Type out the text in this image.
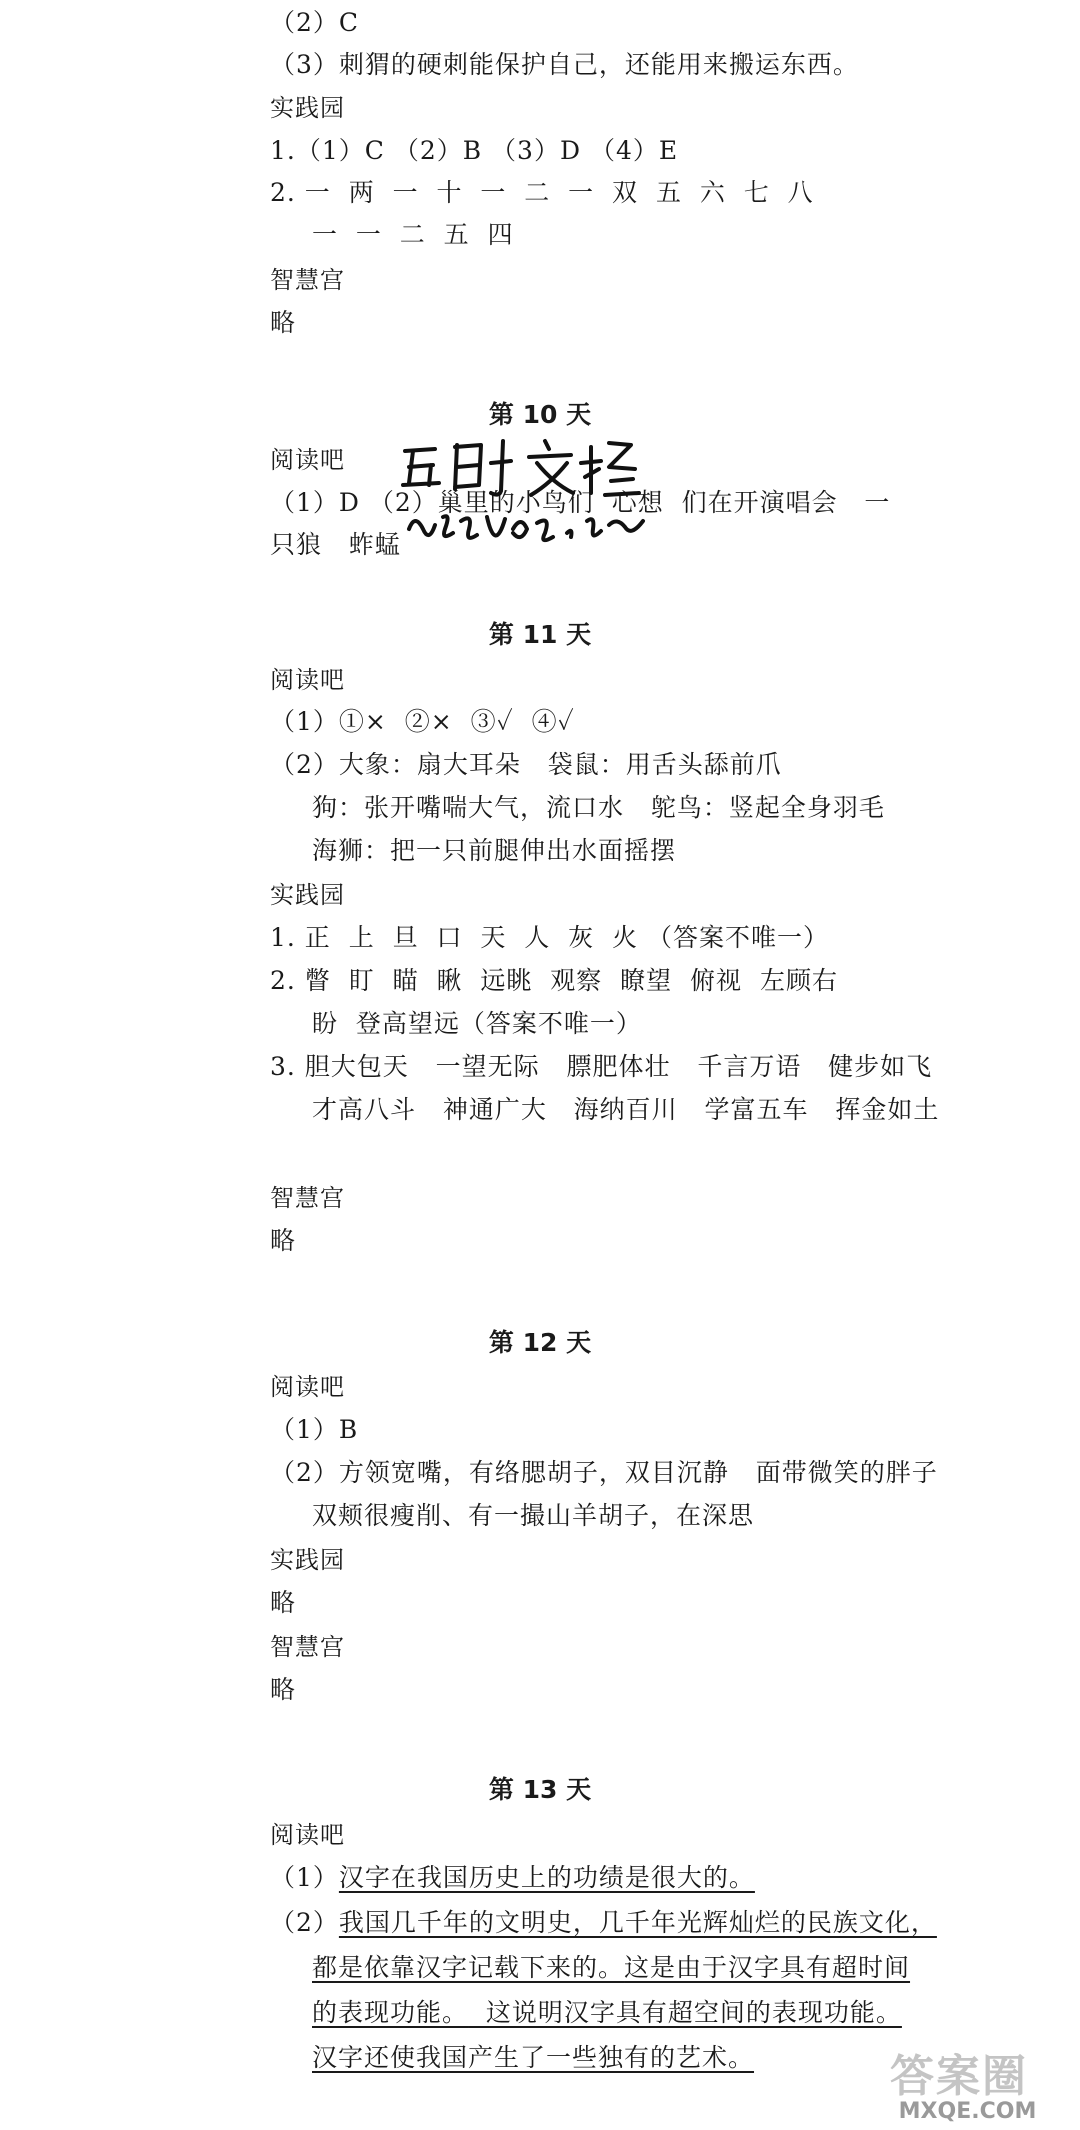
（2）C
（3）刺猬的硬刺能保护自己，还能用来搬运东西。
实践园
1.（1）C （2）B （3）D （4）E
2. 一  两  一  十  一  二  一  双  五  六  七  八
一  一  二  五  四
智慧宫
略
第 10 天
阅读吧
（1）D （2）巢里的小鸟们  心想  们在开演唱会   一
只狼   蚱蜢
第 11 天
阅读吧
（1）①×  ②×  ③✓  ④✓
（2）大象：扇大耳朵   袋鼠：用舌头舔前爪
狗：张开嘴喘大气，流口水   鸵鸟：竖起全身羽毛
海狮：把一只前腿伸出水面摇摆
实践园
1. 正  上  旦  口  天  人  灰  火 （答案不唯一）
2. 瞥  盯  瞄  瞅  远眺  观察  瞭望  俯视  左顾右
盼  登高望远（答案不唯一）
3. 胆大包天   一望无际   膘肥体壮   千言万语   健步如飞
才高八斗   神通广大   海纳百川   学富五车   挥金如土
智慧宫
略
第 12 天
阅读吧
（1）B
（2）方领宽嘴，有络腮胡子，双目沉静   面带微笑的胖子
双颊很瘦削、有一撮山羊胡子，在深思
实践园
略
智慧宫
略
第 13 天
阅读吧
（1）汉字在我国历史上的功绩是很大的。
（2）我国几千年的文明史，几千年光辉灿烂的民族文化，
都是依靠汉字记载下来的。这是由于汉字具有超时间
的表现功能。  这说明汉字具有超空间的表现功能。
汉字还使我国产生了一些独有的艺术。	答案圈
MXQE.COM
